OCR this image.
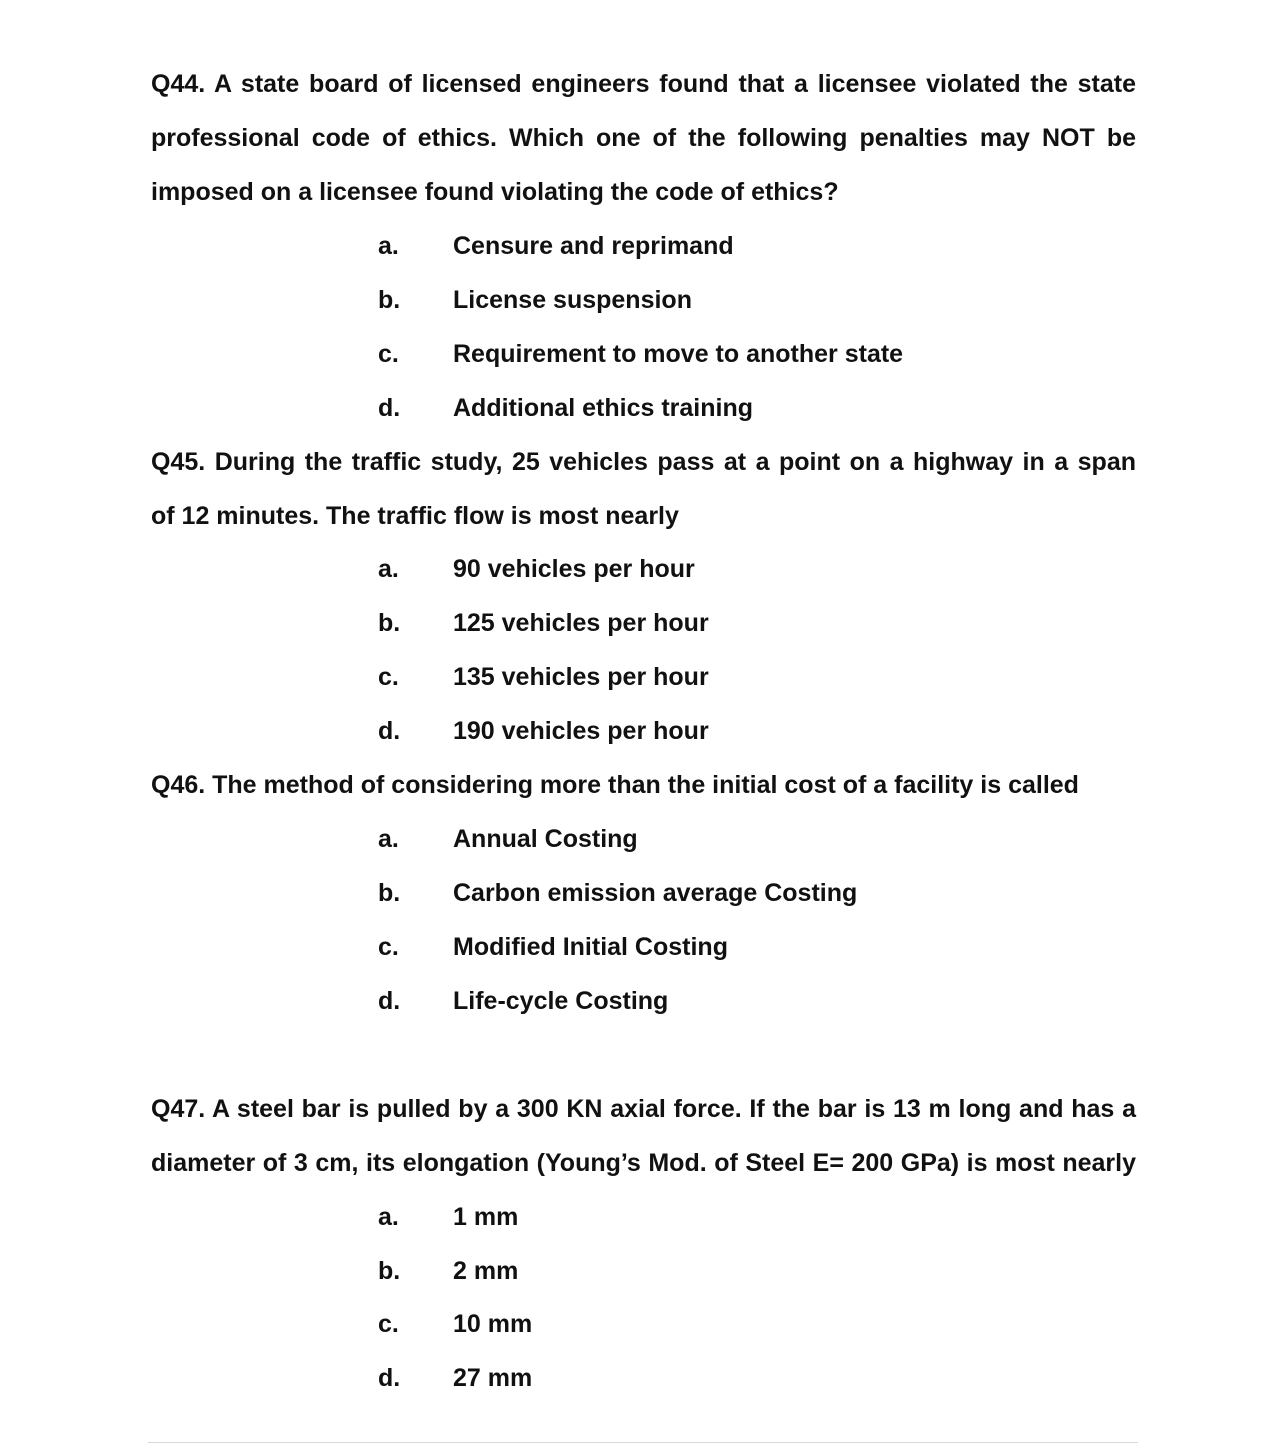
Q44. A state board of licensed engineers found that a licensee violated the state
professional code of ethics. Which one of the following penalties may NOT be
imposed on a licensee found violating the code of ethics?
a.	Censure and reprimand
b.	License suspension
c.	Requirement to move to another state
d.	Additional ethics training
Q45. During the traffic study, 25 vehicles pass at a point on a highway in a span
of 12 minutes. The traffic flow is most nearly
a.	90 vehicles per hour
b.	125 vehicles per hour
c.	135 vehicles per hour
d.	190 vehicles per hour
Q46. The method of considering more than the initial cost of a facility is called
a.	Annual Costing
b.	Carbon emission average Costing
c.	Modified Initial Costing
d.	Life-cycle Costing
Q47. A steel bar is pulled by a 300 KN axial force. If the bar is 13 m long and has a
diameter of 3 cm, its elongation (Young’s Mod. of Steel E= 200 GPa) is most nearly
a.	1 mm
b.	2 mm
c.	10 mm
d.	27 mm
